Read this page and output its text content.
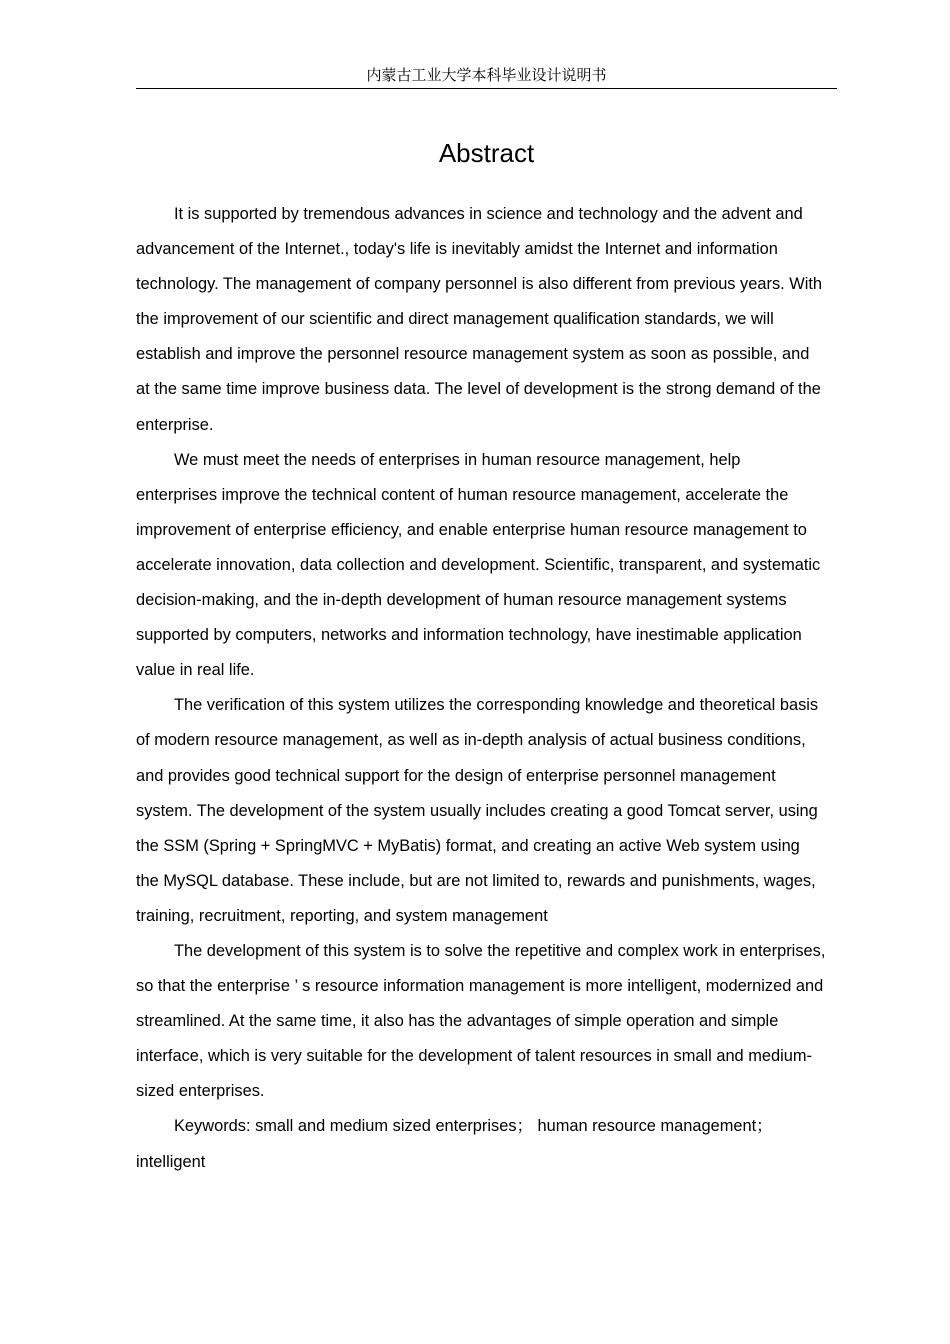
内蒙古工业大学本科毕业设计说明书
Abstract

It is supported by tremendous advances in science and technology and the advent and advancement of the Internet., today's life is inevitably amidst the Internet and information technology. The management of company personnel is also different from previous years. With the improvement of our scientific and direct management qualification standards, we will establish and improve the personnel resource management system as soon as possible, and at the same time improve business data. The level of development is the strong demand of the enterprise.

We must meet the needs of enterprises in human resource management, help enterprises improve the technical content of human resource management, accelerate the improvement of enterprise efficiency, and enable enterprise human resource management to accelerate innovation, data collection and development. Scientific, transparent, and systematic decision-making, and the in-depth development of human resource management systems supported by computers, networks and information technology, have inestimable application value in real life.

The verification of this system utilizes the corresponding knowledge and theoretical basis of modern resource management, as well as in-depth analysis of actual business conditions, and provides good technical support for the design of enterprise personnel management system. The development of the system usually includes creating a good Tomcat server, using the SSM (Spring + SpringMVC + MyBatis) format, and creating an active Web system using the MySQL database. These include, but are not limited to, rewards and punishments, wages, training, recruitment, reporting, and system management

The development of this system is to solve the repetitive and complex work in enterprises, so that the enterprise ’ s resource information management is more intelligent, modernized and streamlined. At the same time, it also has the advantages of simple operation and simple interface, which is very suitable for the development of talent resources in small and medium-sized enterprises.

Keywords: small and medium sized enterprises； human resource management；intelligent
